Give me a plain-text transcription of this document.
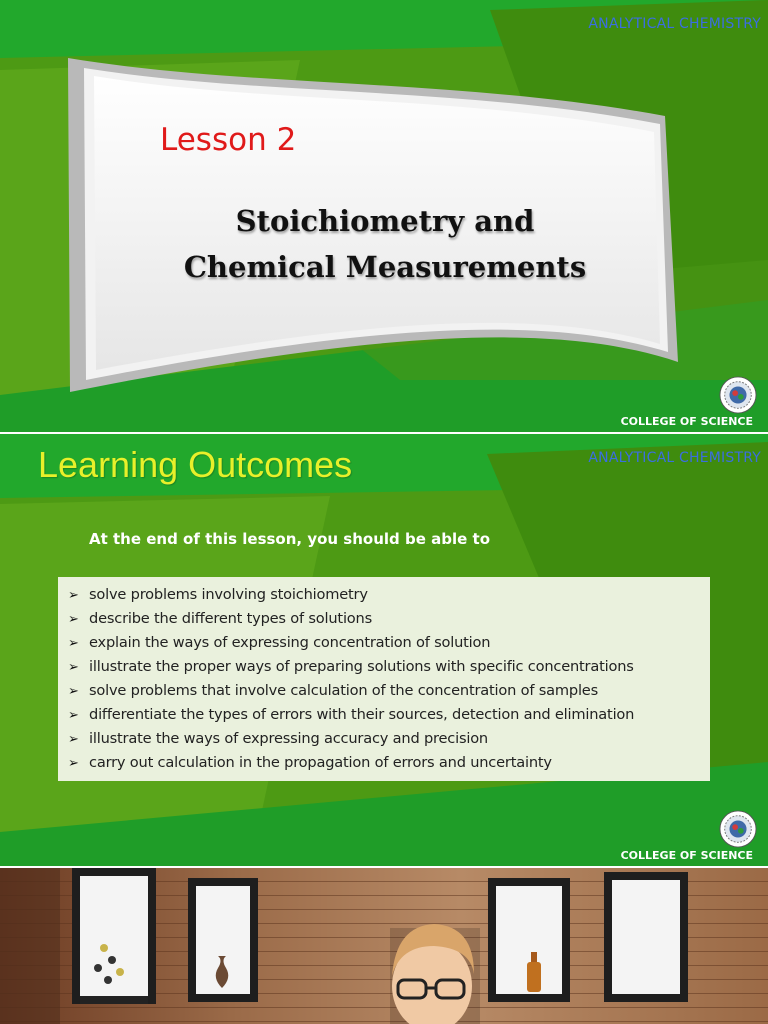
ANALYTICAL CHEMISTRY
Lesson 2
Stoichiometry and
Chemical Measurements
COLLEGE OF SCIENCE
Learning Outcomes	ANALYTICAL CHEMISTRY
At the end of this lesson, you should be able to
➢ solve problems involving stoichiometry
➢ describe the different types of solutions
➢ explain the ways of expressing concentration of solution
➢ illustrate the proper ways of preparing solutions with specific concentrations
➢ solve problems that involve calculation of the concentration of samples
➢ differentiate the types of errors with their sources, detection and elimination
➢ illustrate the ways of expressing accuracy and precision
➢ carry out calculation in the propagation of errors and uncertainty
COLLEGE OF SCIENCE
